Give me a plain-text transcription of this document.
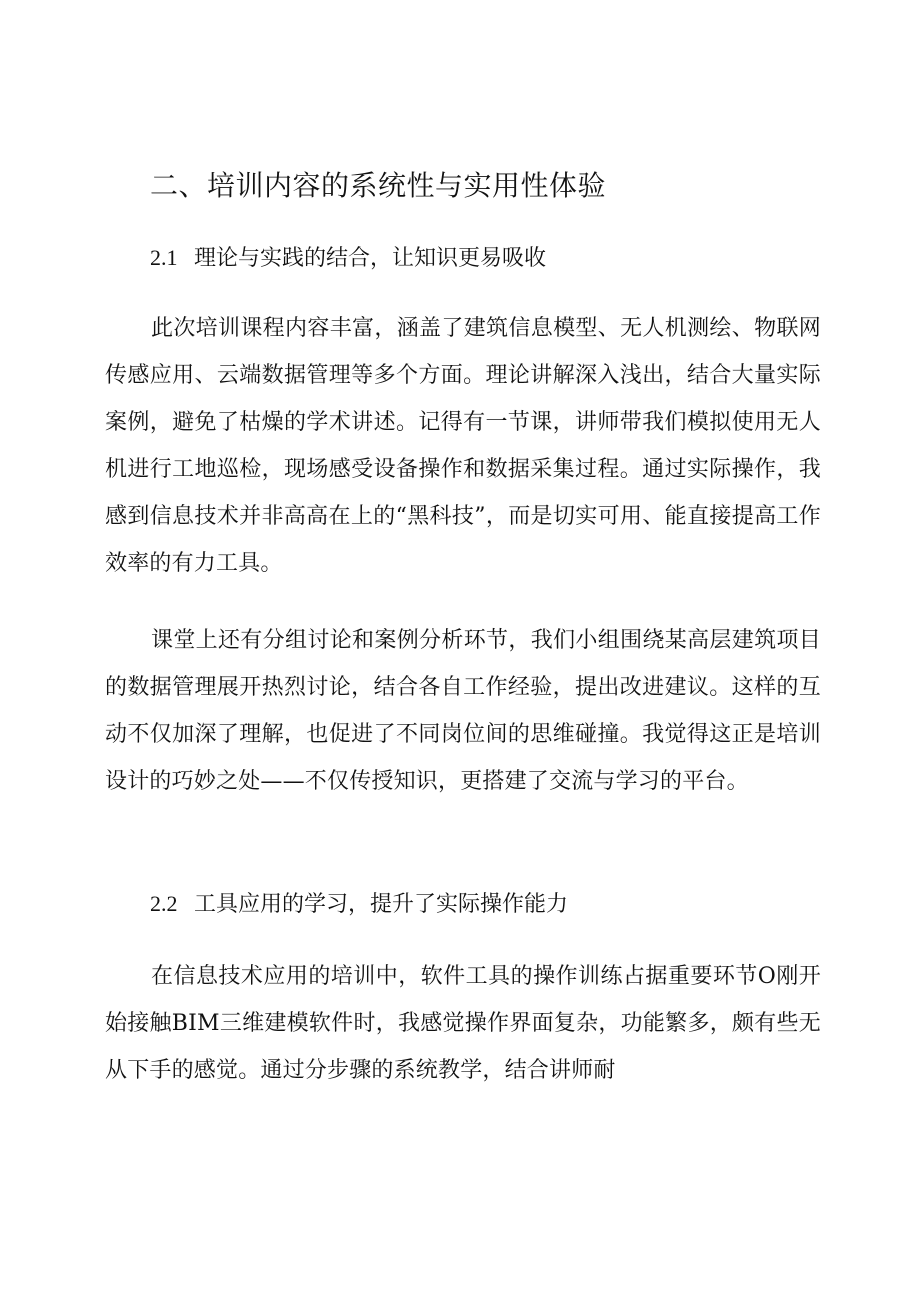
二、培训内容的系统性与实用性体验
2.1 理论与实践的结合，让知识更易吸收

此次培训课程内容丰富，涵盖了建筑信息模型、无人机测绘、物联网传感应用、云端数据管理等多个方面。理论讲解深入浅出，结合大量实际案例，避免了枯燥的学术讲述。记得有一节课，讲师带我们模拟使用无人机进行工地巡检，现场感受设备操作和数据采集过程。通过实际操作，我感到信息技术并非高高在上的“黑科技”，而是切实可用、能直接提高工作效率的有力工具。

课堂上还有分组讨论和案例分析环节，我们小组围绕某高层建筑项目的数据管理展开热烈讨论，结合各自工作经验，提出改进建议。这样的互动不仅加深了理解，也促进了不同岗位间的思维碰撞。我觉得这正是培训设计的巧妙之处——不仅传授知识，更搭建了交流与学习的平台。

2.2 工具应用的学习，提升了实际操作能力

在信息技术应用的培训中，软件工具的操作训练占据重要环节O刚开始接触BIM三维建模软件时，我感觉操作界面复杂，功能繁多，颇有些无从下手的感觉。通过分步骤的系统教学，结合讲师耐
